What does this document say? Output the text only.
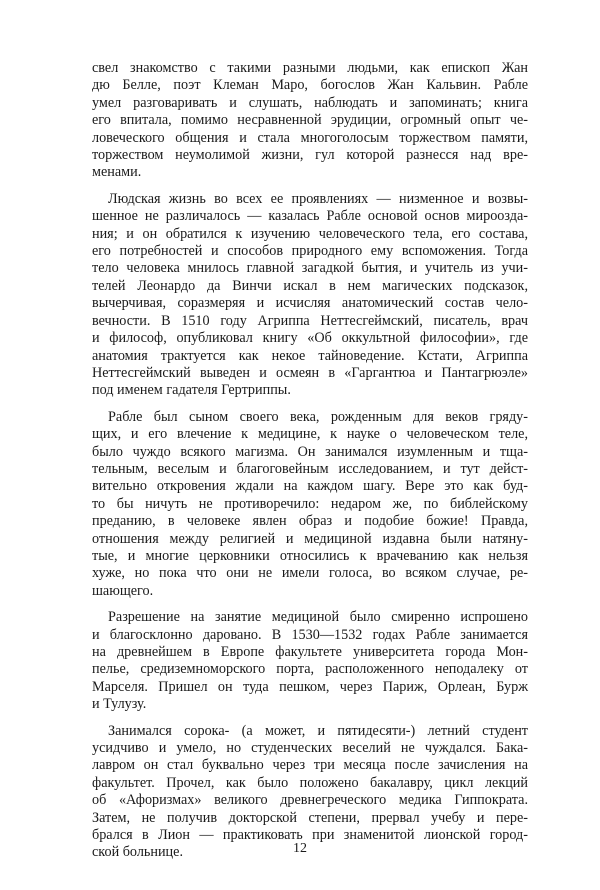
свел знакомство с такими разными людьми, как епископ Жан
дю Белле, поэт Клеман Маро, богослов Жан Кальвин. Рабле
умел разговаривать и слушать, наблюдать и запоминать; книга
его впитала, помимо несравненной эрудиции, огромный опыт че-
ловеческого общения и стала многоголосым торжеством памяти,
торжеством неумолимой жизни, гул которой разнесся над вре-
менами.

Людская жизнь во всех ее проявлениях — низменное и возвы-
шенное не различалось — казалась Рабле основой основ мироозда-
ния; и он обратился к изучению человеческого тела, его состава,
его потребностей и способов природного ему вспоможения. Тогда
тело человека мнилось главной загадкой бытия, и учитель из учи-
телей Леонардо да Винчи искал в нем магических подсказок,
вычерчивая, соразмеряя и исчисляя анатомический состав чело-
вечности. В 1510 году Агриппа Неттесгеймский, писатель, врач
и философ, опубликовал книгу «Об оккультной философии», где
анатомия трактуется как некое тайноведение. Кстати, Агриппа
Неттесгеймский выведен и осмеян в «Гаргантюа и Пантагрюэле»
под именем гадателя Гертриппы.

Рабле был сыном своего века, рожденным для веков гряду-
щих, и его влечение к медицине, к науке о человеческом теле,
было чуждо всякого магизма. Он занимался изумленным и тща-
тельным, веселым и благоговейным исследованием, и тут дейст-
вительно откровения ждали на каждом шагу. Вере это как буд-
то бы ничуть не противоречило: недаром же, по библейскому
преданию, в человеке явлен образ и подобие божие! Правда,
отношения между религией и медициной издавна были натяну-
тые, и многие церковники относились к врачеванию как нельзя
хуже, но пока что они не имели голоса, во всяком случае, ре-
шающего.

Разрешение на занятие медициной было смиренно испрошено
и благосклонно даровано. В 1530—1532 годах Рабле занимается
на древнейшем в Европе факультете университета города Мон-
пелье, средиземноморского порта, расположенного неподалеку от
Марселя. Пришел он туда пешком, через Париж, Орлеан, Бурж
и Тулузу.

Занимался сорока- (а может, и пятидесяти-) летний студент
усидчиво и умело, но студенческих веселий не чуждался. Бака-
лавром он стал буквально через три месяца после зачисления на
факультет. Прочел, как было положено бакалавру, цикл лекций
об «Афоризмах» великого древнегреческого медика Гиппократа.
Затем, не получив докторской степени, прервал учебу и пере-
брался в Лион — практиковать при знаменитой лионской город-
ской больнице.	12
